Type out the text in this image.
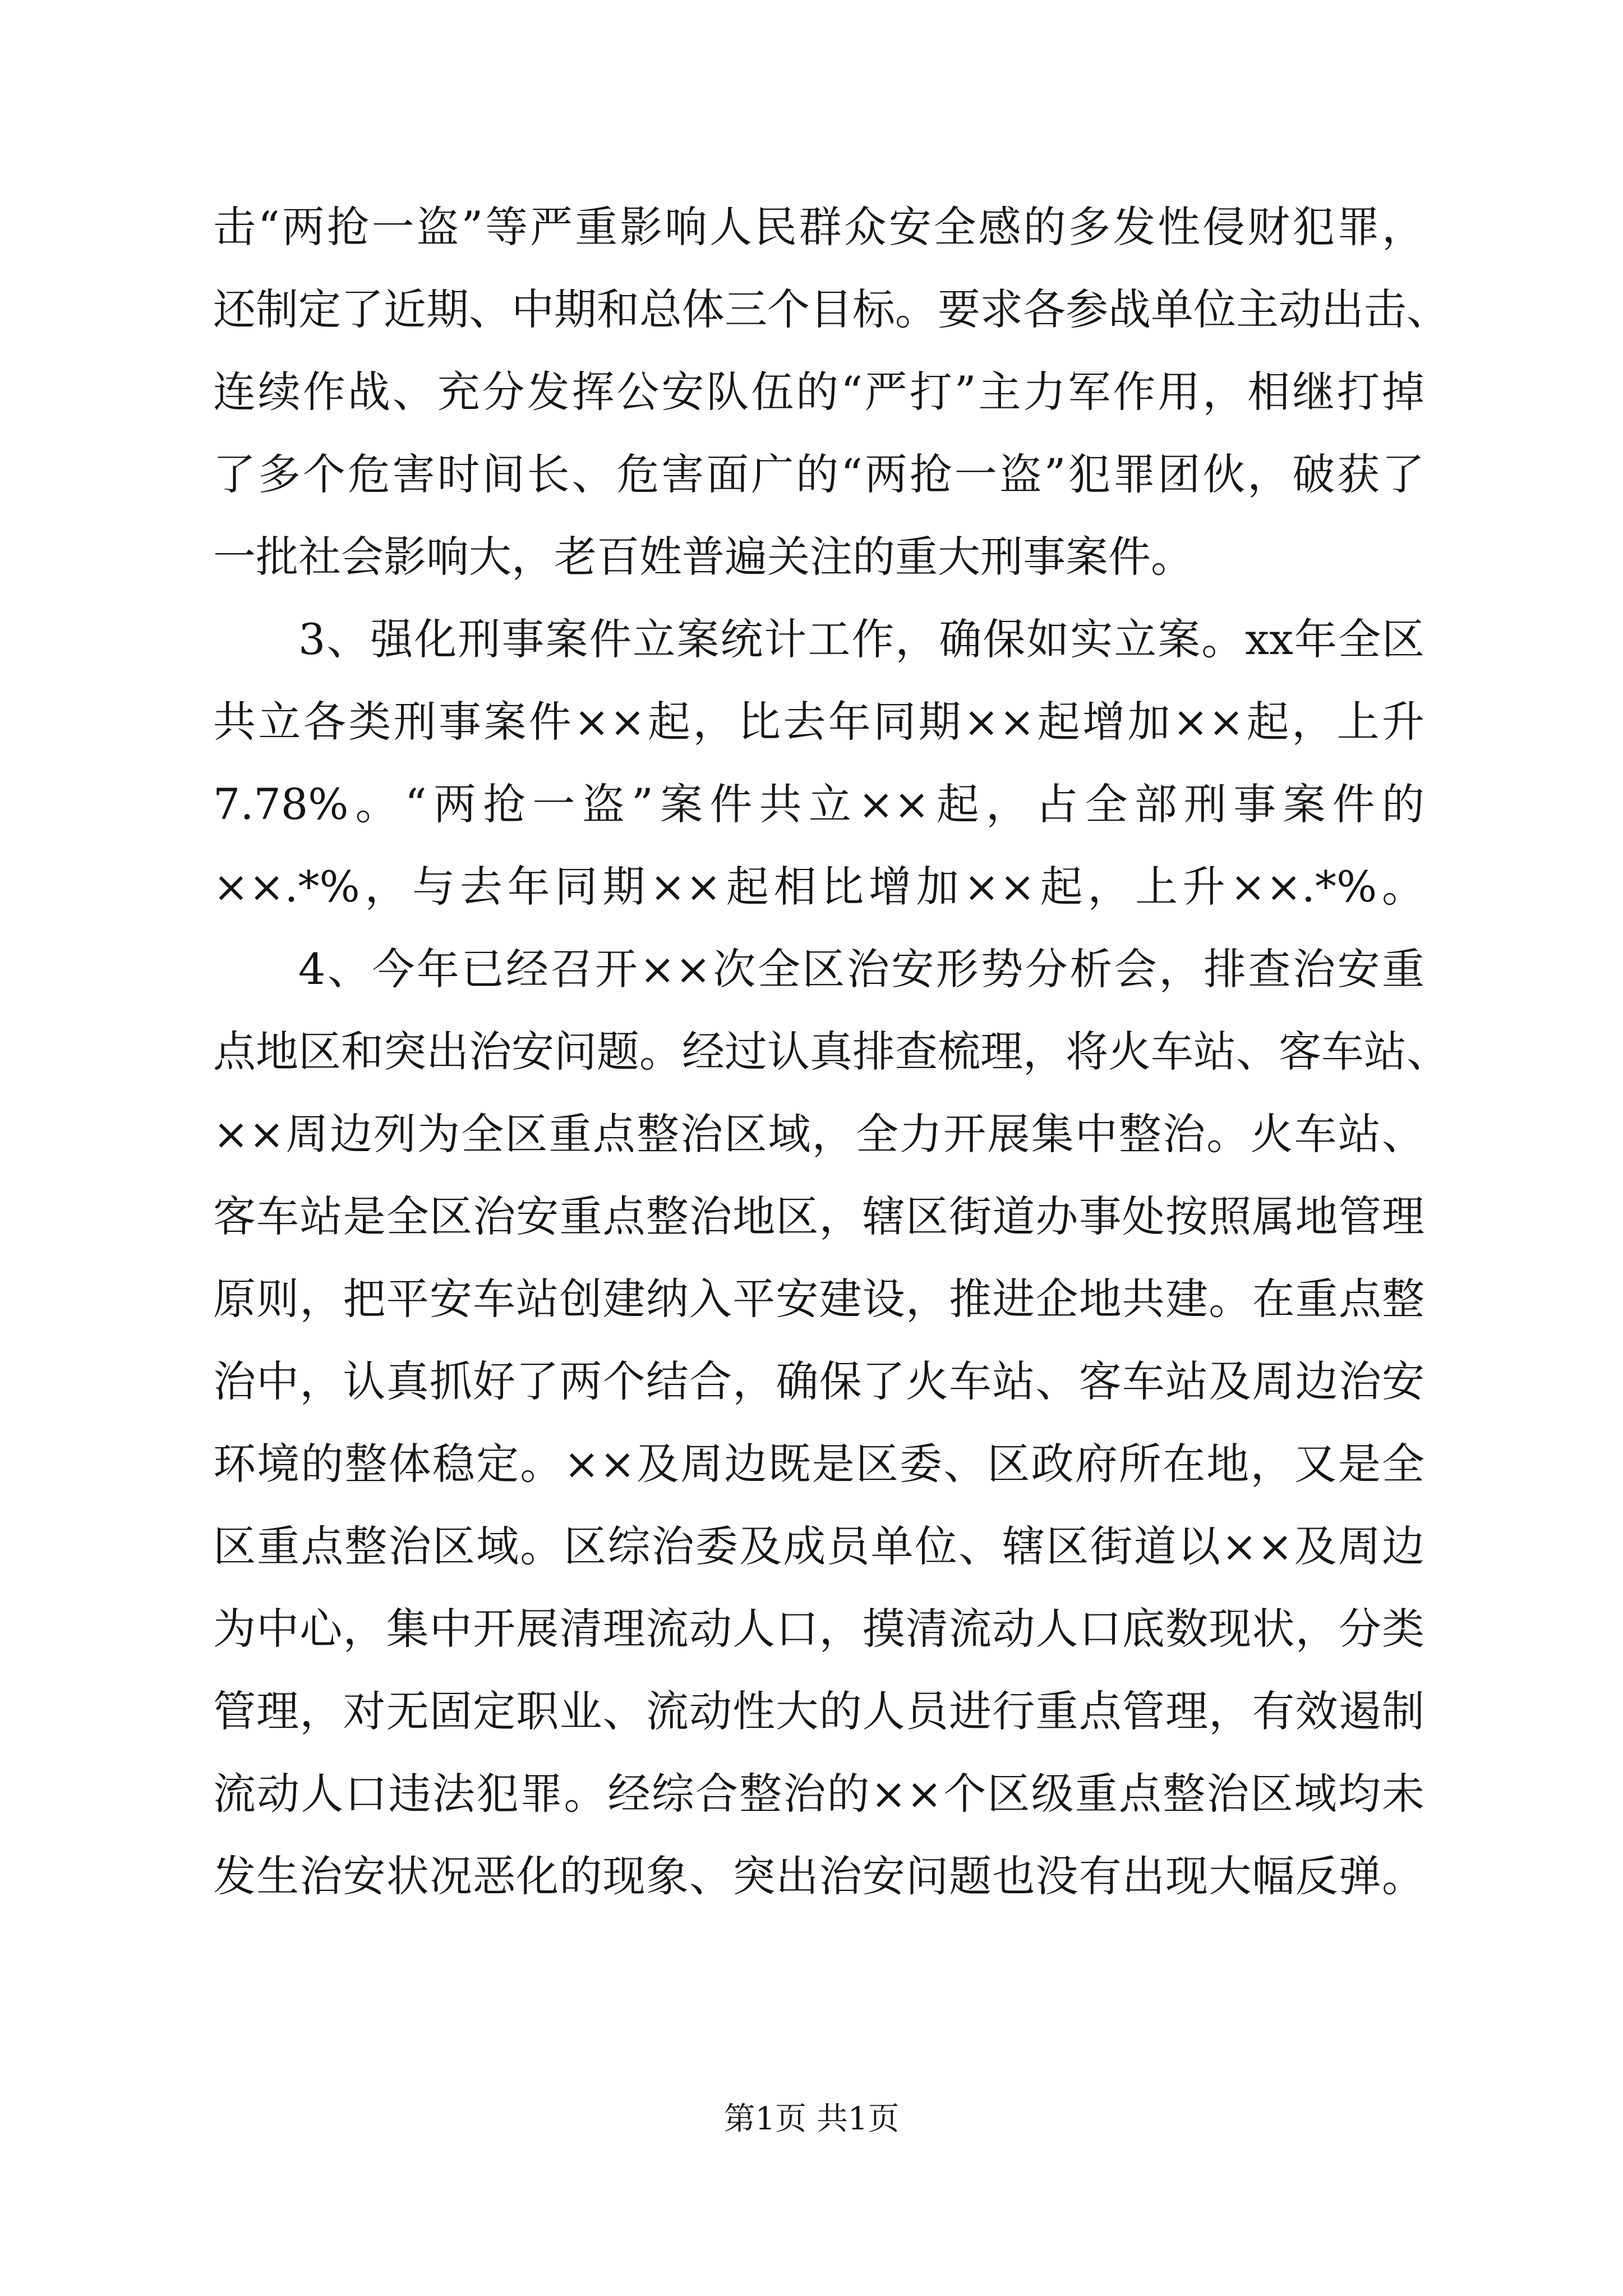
击“两抢一盗”等严重影响人民群众安全感的多发性侵财犯罪，
还制定了近期、中期和总体三个目标。要求各参战单位主动出击、
连续作战、充分发挥公安队伍的“严打”主力军作用，相继打掉
了多个危害时间长、危害面广的“两抢一盗”犯罪团伙，破获了
一批社会影响大，老百姓普遍关注的重大刑事案件。
3、强化刑事案件立案统计工作，确保如实立案。xx年全区
共立各类刑事案件××起，比去年同期××起增加××起，上升
7.78%。“两抢一盗”案件共立××起，占全部刑事案件的
××.*%，与去年同期××起相比增加××起，上升××.*%。
4、今年已经召开××次全区治安形势分析会，排查治安重
点地区和突出治安问题。经过认真排查梳理，将火车站、客车站、
××周边列为全区重点整治区域，全力开展集中整治。火车站、
客车站是全区治安重点整治地区，辖区街道办事处按照属地管理
原则，把平安车站创建纳入平安建设，推进企地共建。在重点整
治中，认真抓好了两个结合，确保了火车站、客车站及周边治安
环境的整体稳定。××及周边既是区委、区政府所在地，又是全
区重点整治区域。区综治委及成员单位、辖区街道以××及周边
为中心，集中开展清理流动人口，摸清流动人口底数现状，分类
管理，对无固定职业、流动性大的人员进行重点管理，有效遏制
流动人口违法犯罪。经综合整治的××个区级重点整治区域均未
发生治安状况恶化的现象、突出治安问题也没有出现大幅反弹。
第1页 共1页
